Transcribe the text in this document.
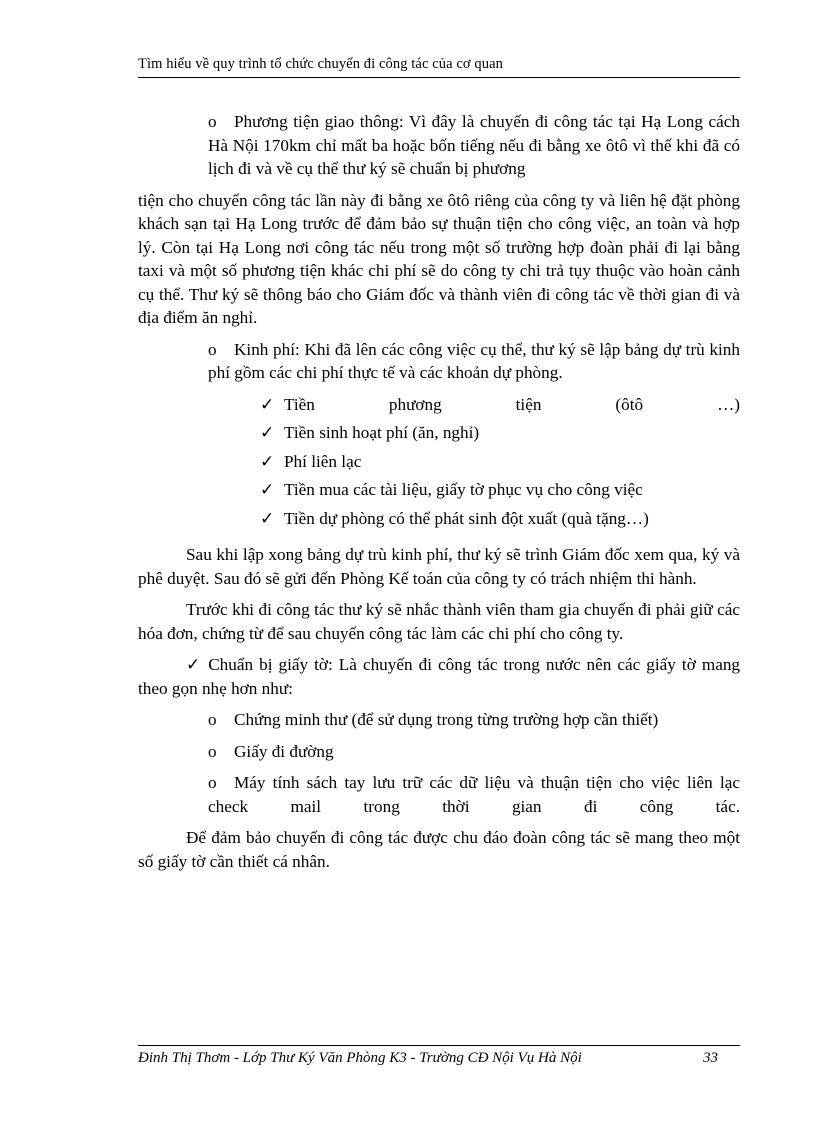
Tìm hiểu về quy trình tổ chức chuyến đi công tác của cơ quan

o Phương tiện giao thông: Vì đây là chuyến đi công tác tại Hạ Long cách Hà Nội 170km chỉ mất ba hoặc bốn tiếng nếu đi bằng xe ôtô vì thế khi đã có lịch đi và về cụ thể thư ký sẽ chuẩn bị phương

tiện cho chuyến công tác lần này đi bằng xe ôtô riêng của công ty và liên hệ đặt phòng khách sạn tại Hạ Long trước để đảm bảo sự thuận tiện cho công việc, an toàn và hợp lý. Còn tại Hạ Long nơi công tác nếu trong một số trường hợp đoàn phải đi lại bằng taxi và một số phương tiện khác chi phí sẽ do công ty chi trả tụy thuộc vào hoàn cảnh cụ thể. Thư ký sẽ thông báo cho Giám đốc và thành viên đi công tác về thời gian đi và địa điểm ăn nghỉ.

o Kinh phí: Khi đã lên các công việc cụ thể, thư ký sẽ lập bảng dự trù kinh phí gồm các chi phí thực tế và các khoản dự phòng.

✓ Tiền phương tiện (ôtô …)

✓ Tiền sinh hoạt phí (ăn, nghỉ)

✓ Phí liên lạc

✓ Tiền mua các tài liệu, giấy tờ phục vụ cho công việc

✓ Tiền dự phòng có thể phát sinh đột xuất (quà tặng…)

Sau khi lập xong bảng dự trù kinh phí, thư ký sẽ trình Giám đốc xem qua, ký và phê duyệt. Sau đó sẽ gửi đến Phòng Kế toán của công ty có trách nhiệm thi hành.

Trước khi đi công tác thư ký sẽ nhắc thành viên tham gia chuyến đi phải giữ các hóa đơn, chứng từ để sau chuyến công tác làm các chi phí cho công ty.

✓ Chuẩn bị giấy tờ: Là chuyến đi công tác trong nước nên các giấy tờ mang theo gọn nhẹ hơn như:

o Chứng minh thư (để sử dụng trong từng trường hợp cần thiết)

o Giấy đi đường

o Máy tính sách tay lưu trữ các dữ liệu và thuận tiện cho việc liên lạc check mail trong thời gian đi công tác.

Để đảm bảo chuyến đi công tác được chu đáo đoàn công tác sẽ mang theo một số giấy tờ cần thiết cá nhân.

Đinh Thị Thơm - Lớp Thư Ký Văn Phòng K3 - Trường CĐ Nội Vụ Hà Nội	33
